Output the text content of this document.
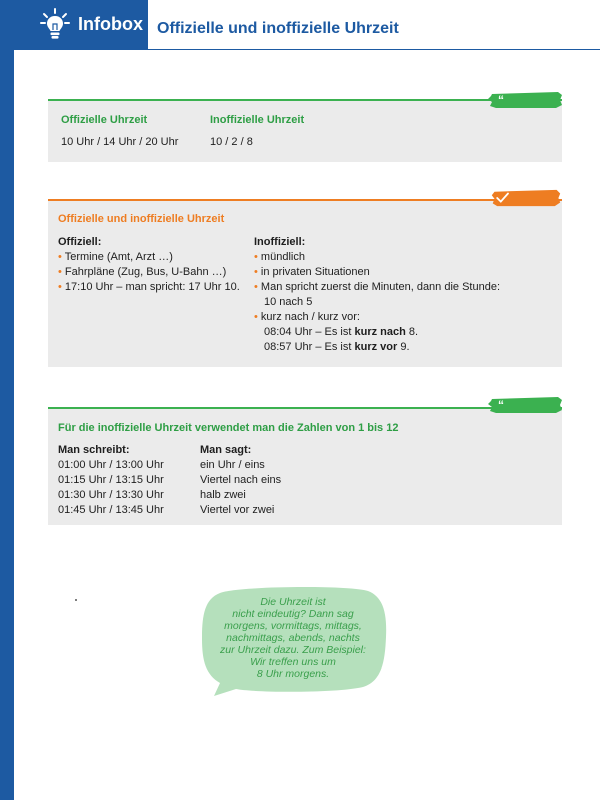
Infobox Offizielle und inoffizielle Uhrzeit
Offizielle Uhrzeit
10 Uhr / 14 Uhr / 20 Uhr
Inoffizielle Uhrzeit
10 / 2 / 8
“
Offizielle und inoffizielle Uhrzeit
Offiziell:
• Termine (Amt, Arzt …)
• Fahrpläne (Zug, Bus, U-Bahn …)
• 17:10 Uhr – man spricht: 17 Uhr 10.
Inoffiziell:
• mündlich
• in privaten Situationen
• Man spricht zuerst die Minuten, dann die Stunde:
10 nach 5
• kurz nach / kurz vor:
08:04 Uhr – Es ist kurz nach 8.
08:57 Uhr – Es ist kurz vor 9.
Für die inoffizielle Uhrzeit verwendet man die Zahlen von 1 bis 12
Man schreibt:
01:00 Uhr / 13:00 Uhr
01:15 Uhr / 13:15 Uhr
01:30 Uhr / 13:30 Uhr
01:45 Uhr / 13:45 Uhr
Man sagt:
ein Uhr / eins
Viertel nach eins
halb zwei
Viertel vor zwei
“
Die Uhrzeit ist
nicht eindeutig? Dann sag
morgens, vormittags, mittags,
nachmittags, abends, nachts
zur Uhrzeit dazu. Zum Beispiel:
Wir treffen uns um
8 Uhr morgens.
